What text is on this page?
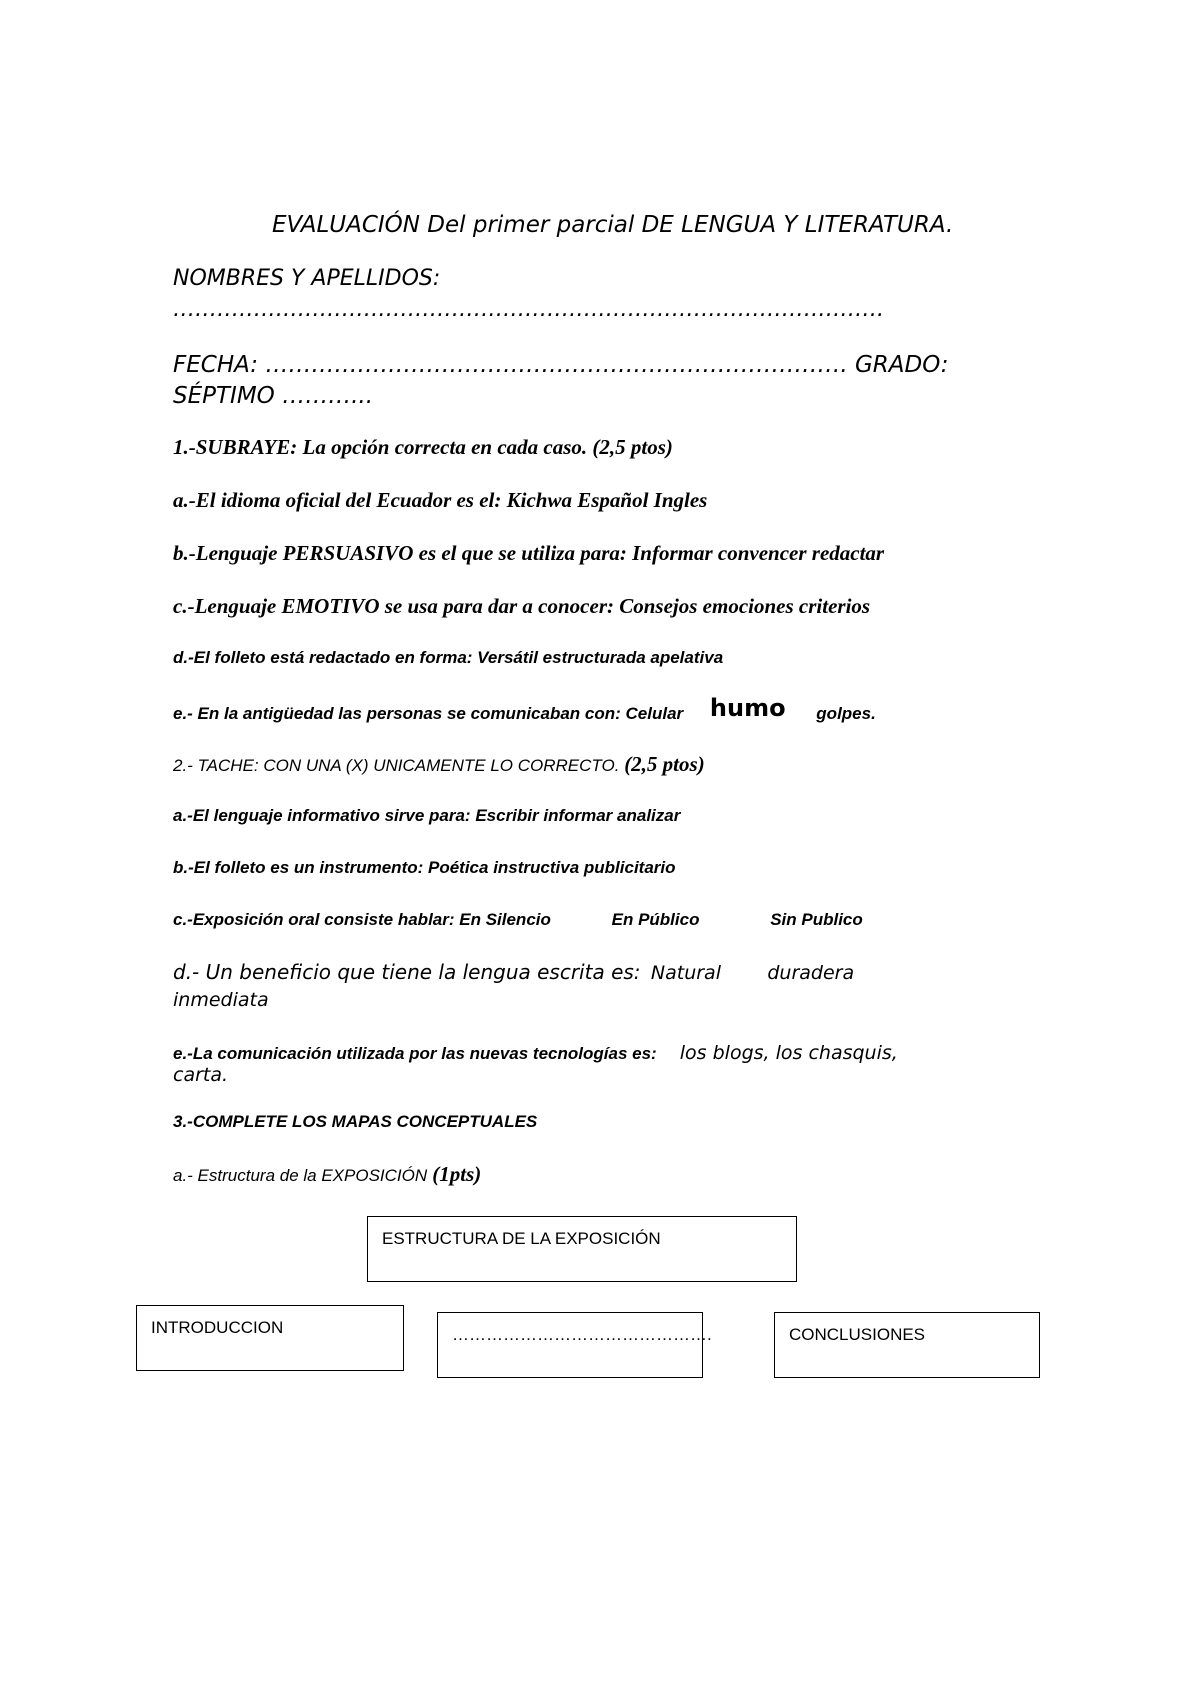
EVALUACIÓN Del primer parcial DE LENGUA Y LITERATURA.
NOMBRES Y APELLIDOS:
…………………………………………………………………………………….
FECHA: …………………………………………………………………. GRADO:
SÉPTIMO ………...
1.-SUBRAYE: La opción correcta en cada caso. (2,5 ptos)
a.-El idioma oficial del Ecuador es el: Kichwa Español Ingles
b.-Lenguaje PERSUASIVO es el que se utiliza para: Informar convencer redactar
c.-Lenguaje EMOTIVO se usa para dar a conocer: Consejos emociones criterios
d.-El folleto está redactado en forma: Versátil estructurada apelativa
e.- En la antigüedad las personas se comunicaban con: Celular humo golpes.
2.- TACHE: CON UNA (X) UNICAMENTE LO CORRECTO. (2,5 ptos)
a.-El lenguaje informativo sirve para: Escribir informar analizar
b.-El folleto es un instrumento: Poética instructiva publicitario
c.-Exposición oral consiste hablar: En Silencio	En Público	Sin Publico
d.- Un beneficio que tiene la lengua escrita es: Natural duradera
inmediata
e.-La comunicación utilizada por las nuevas tecnologías es: los blogs, los chasquis,
carta.
3.-COMPLETE LOS MAPAS CONCEPTUALES
a.- Estructura de la EXPOSICIÓN (1pts)
ESTRUCTURA DE LA EXPOSICIÓN
INTRODUCCION	……………………………………….	CONCLUSIONES
